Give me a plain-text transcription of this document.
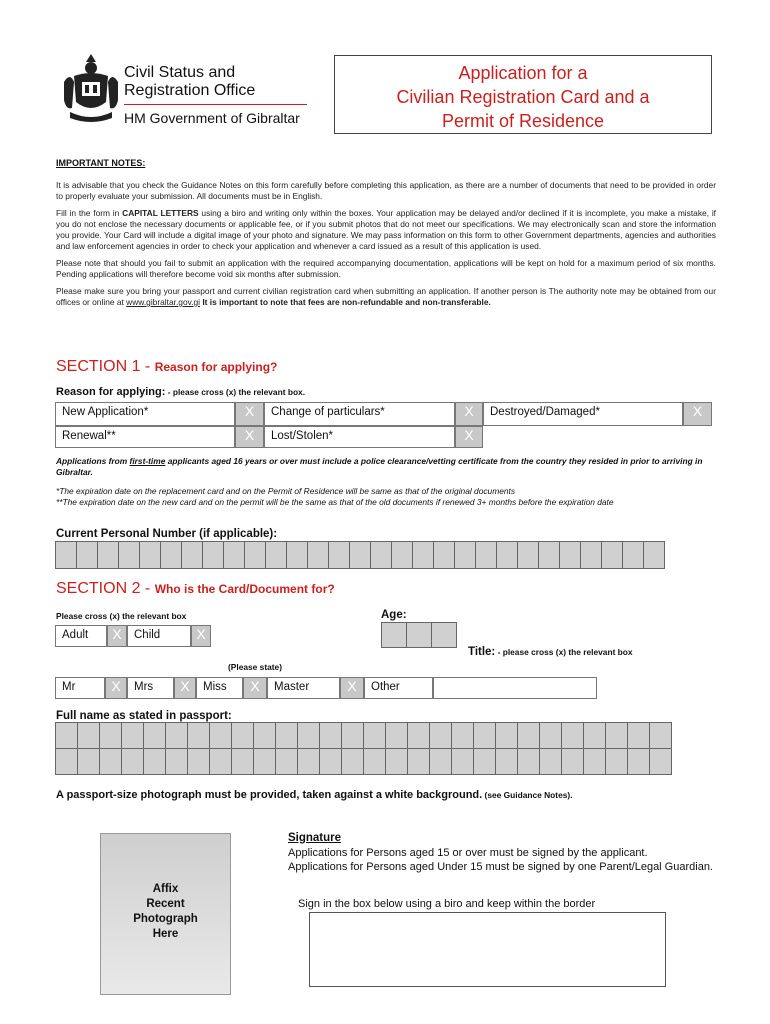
Civil Status and
Registration Office
HM Government of Gibraltar
Application for a
Civilian Registration Card and a
Permit of Residence
IMPORTANT NOTES:

It is advisable that you check the Guidance Notes on this form carefully before completing this application, as there are a number of documents that need to be provided in order to properly evaluate your submission. All documents must be in English.

Fill in the form in CAPITAL LETTERS using a biro and writing only within the boxes. Your application may be delayed and/or declined if it is incomplete, you make a mistake, if you do not enclose the necessary documents or applicable fee, or if you submit photos that do not meet our specifications. We may electronically scan and store the information you provide. Your Card will include a digital image of your photo and signature. We may pass information on this form to other Government departments, agencies and authorities and law enforcement agencies in order to check your application and whenever a card issued as a result of this application is used.

Please note that should you fail to submit an application with the required accompanying documentation, applications will be kept on hold for a maximum period of six months. Pending applications will therefore become void six months after submission.

Please make sure you bring your passport and current civilian registration card when submitting an application. If another person is The authority note may be obtained from our offices or online at www.gibraltar.gov.gi It is important to note that fees are non-refundable and non-transferable.

SECTION 1 - Reason for applying?
Reason for applying: - please cross (x) the relevant box.
New Application*	X	Change of particulars*	X	Destroyed/Damaged*	X
Renewal**	X	Lost/Stolen*	X
Applications from first-time applicants aged 16 years or over must include a police clearance/vetting certificate from the country they resided in prior to arriving in Gibraltar.
*The expiration date on the replacement card and on the Permit of Residence will be same as that of the original documents
**The expiration date on the new card and on the permit will be the same as that of the old documents if renewed 3+ months before the expiration date
Current Personal Number (if applicable):
SECTION 2 - Who is the Card/Document for?
Please cross (x) the relevant box	Age:
Adult	X	Child	X
Title: - please cross (x) the relevant box
(Please state)
Mr	X	Mrs	X	Miss	X	Master	X	Other
Full name as stated in passport:
A passport-size photograph must be provided, taken against a white background. (see Guidance Notes).
Affix
Recent
Photograph
Here
Signature
Applications for Persons aged 15 or over must be signed by the applicant.
Applications for Persons aged Under 15 must be signed by one Parent/Legal Guardian.
Sign in the box below using a biro and keep within the border
